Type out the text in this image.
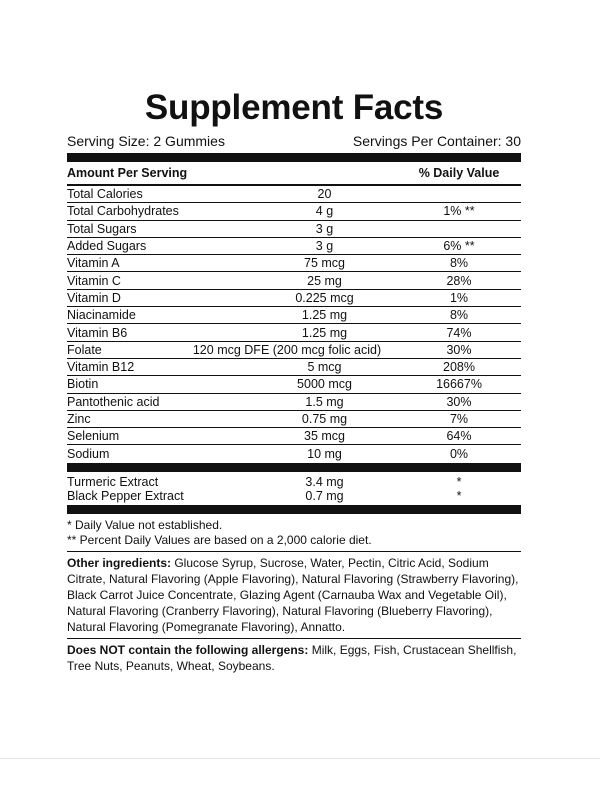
Supplement Facts
Serving Size: 2 Gummies	Servings Per Container: 30
Amount Per Serving	% Daily Value
Total Calories	20
Total Carbohydrates	4 g	1% **
Total Sugars	3 g
Added Sugars	3 g	6% **
Vitamin A	75 mcg	8%
Vitamin C	25 mg	28%
Vitamin D	0.225 mcg	1%
Niacinamide	1.25 mg	8%
Vitamin B6	1.25 mg	74%
Folate	120 mcg DFE (200 mcg folic acid)	30%
Vitamin B12	5 mcg	208%
Biotin	5000 mcg	16667%
Pantothenic acid	1.5 mg	30%
Zinc	0.75 mg	7%
Selenium	35 mcg	64%
Sodium	10 mg	0%
Turmeric Extract	3.4 mg	*
Black Pepper Extract	0.7 mg	*
* Daily Value not established.
** Percent Daily Values are based on a 2,000 calorie diet.
Other ingredients: Glucose Syrup, Sucrose, Water, Pectin, Citric Acid, Sodium Citrate, Natural Flavoring (Apple Flavoring), Natural Flavoring (Strawberry Flavoring), Black Carrot Juice Concentrate, Glazing Agent (Carnauba Wax and Vegetable Oil), Natural Flavoring (Cranberry Flavoring), Natural Flavoring (Blueberry Flavoring), Natural Flavoring (Pomegranate Flavoring), Annatto.
Does NOT contain the following allergens: Milk, Eggs, Fish, Crustacean Shellfish, Tree Nuts, Peanuts, Wheat, Soybeans.
